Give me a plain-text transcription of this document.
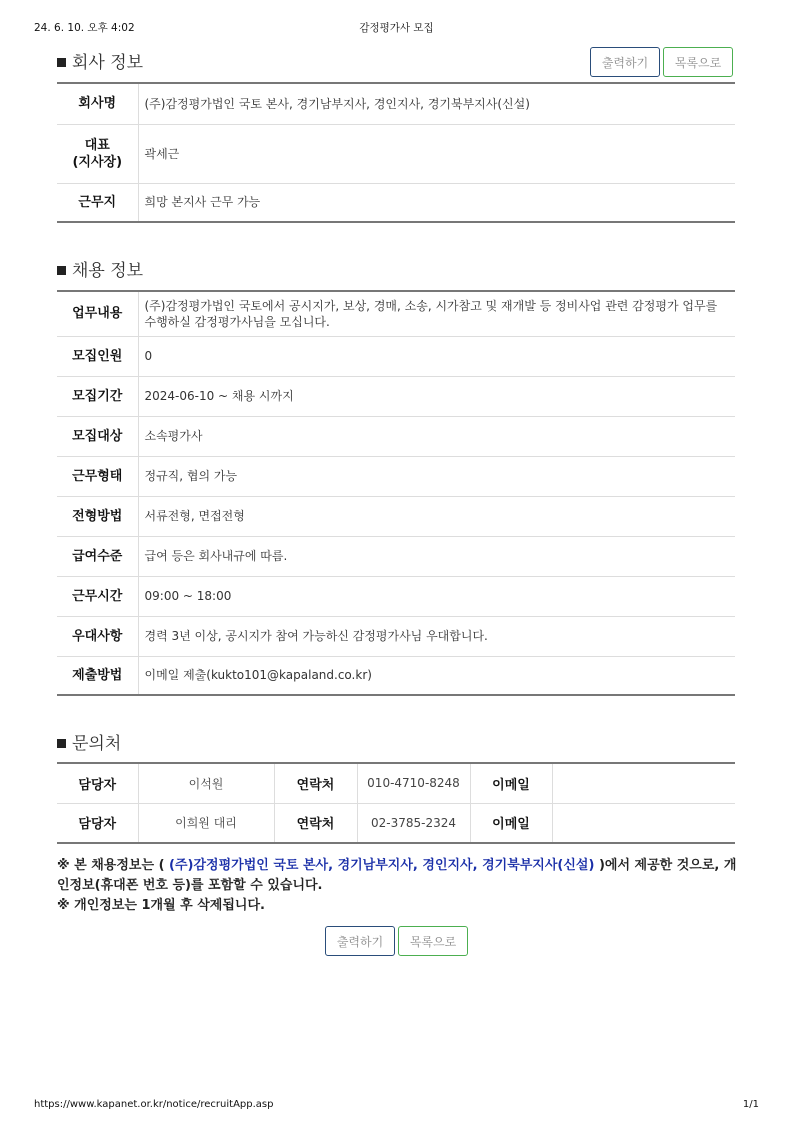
24. 6. 10. 오후 4:02	감정평가사 모집
회사 정보	출력하기	목록으로
회사명	(주)감정평가법인 국토 본사, 경기남부지사, 경인지사, 경기북부지사(신설)
대표
(지사장)	곽세근
근무지	희망 본지사 근무 가능
채용 정보
업무내용	(주)감정평가법인 국토에서 공시지가, 보상, 경매, 소송, 시가참고 및 재개발 등 정비사업 관련 감정평가 업무를 수행하실 감정평가사님을 모십니다.
모집인원	0
모집기간	2024-06-10 ~ 채용 시까지
모집대상	소속평가사
근무형태	정규직, 협의 가능
전형방법	서류전형, 면접전형
급여수준	급여 등은 회사내규에 따름.
근무시간	09:00 ~ 18:00
우대사항	경력 3년 이상, 공시지가 참여 가능하신 감정평가사님 우대합니다.
제출방법	이메일 제출(kukto101@kapaland.co.kr)
문의처
담당자	이석원	연락처	010-4710-8248	이메일	
담당자	이희원 대리	연락처	02-3785-2324	이메일	
※ 본 채용정보는 ( (주)감정평가법인 국토 본사, 경기남부지사, 경인지사, 경기북부지사(신설) )에서 제공한 것으로, 개인정보(휴대폰 번호 등)를 포함할 수 있습니다.
※ 개인정보는 1개월 후 삭제됩니다.
출력하기	목록으로
https://www.kapanet.or.kr/notice/recruitApp.asp	1/1
